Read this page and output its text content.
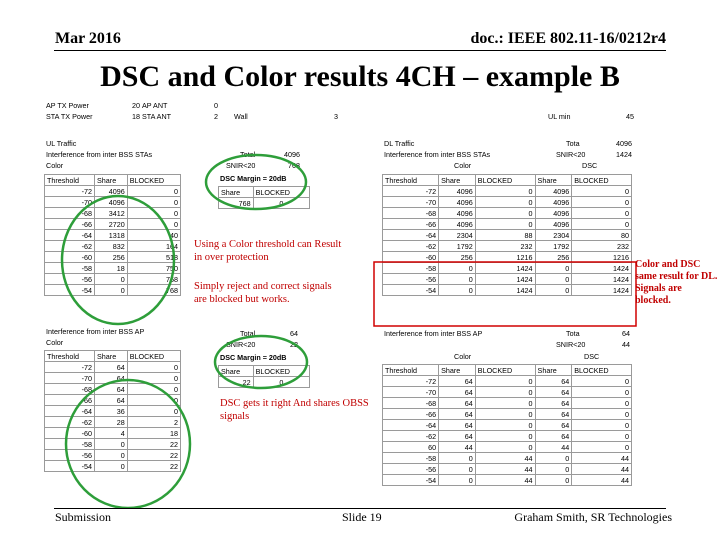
Mar 2016	doc.: IEEE 802.11-16/0212r4
DSC and Color results 4CH – example B
AP TX Power	20 AP ANT	0
STA TX Power	18 STA ANT	2 Wall	3	UL min	45
UL Traffic
Interference from inter BSS STAs
Color
Threshold	Share	BLOCKED
-72	4096	0
-70	4096	0
-68	3412	0
-66	2720	0
-64	1318	40
-62	832	164
-60	256	518
-58	18	750
-56	0	768
-54	0	768
Total	4096
SNIR<20	768
DSC Margin = 20dB
Share	BLOCKED
768	0
DL Traffic
Interference from inter BSS STAs
Tota	4096
SNIR<20	1424
Color	DSC
Threshold	Share	BLOCKED	Share	BLOCKED
-72	4096	0	4096	0
-70	4096	0	4096	0
-68	4096	0	4096	0
-66	4096	0	4096	0
-64	2304	88	2304	80
-62	1792	232	1792	232
-60	256	1216	256	1216
-58	0	1424	0	1424
-56	0	1424	0	1424
-54	0	1424	0	1424
Interference from inter BSS AP
Color
Threshold	Share	BLOCKED
-72	64	0
-70	64	0
-68	64	0
-66	64	0
-64	36	0
-62	28	2
-60	4	18
-58	0	22
-56	0	22
-54	0	22
Total	64
SNIR<20	22
DSC Margin = 20dB
Share	BLOCKED
22	0
Interference from inter BSS AP	Tota	64
SNIR<20	44
Color	DSC
Threshold	Share	BLOCKED	Share	BLOCKED
-72	64	0	64	0
-70	64	0	64	0
-68	64	0	64	0
-66	64	0	64	0
-64	64	0	64	0
-62	64	0	64	0
60	44	0	44	0
-58	0	44	0	44
-56	0	44	0	44
-54	0	44	0	44
Using a Color threshold can Result in over protection
Simply reject and correct signals are blocked but works.
DSC gets it right And shares OBSS signals
Color and DSC same result for DL. Signals are blocked.
Submission	Slide 19	Graham Smith, SR Technologies
